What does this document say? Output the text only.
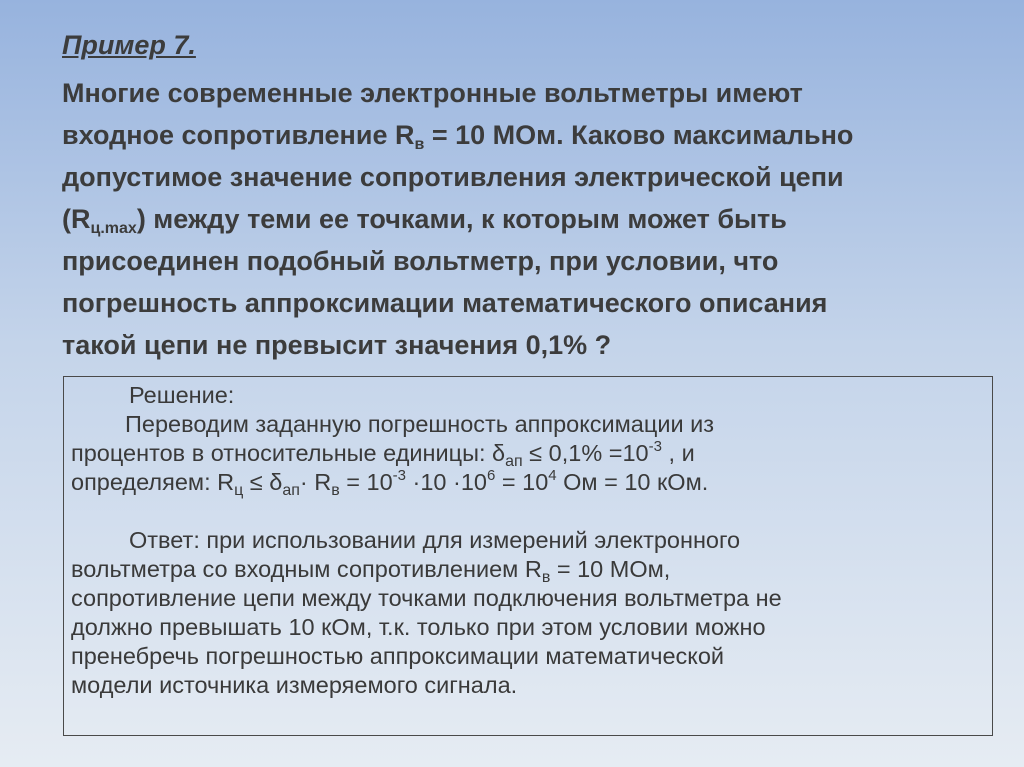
Пример 7.
Многие современные электронные вольтметры имеют
входное сопротивление $R_в = 10$ МОм. Каково максимально
допустимое значение сопротивления электрической цепи
$(R_{ц.max})$ между теми ее точками, к которым может быть
присоединен подобный вольтметр, при условии, что
погрешность аппроксимации математического описания
такой цепи не превысит значения 0,1% ?
Решение:
Переводим заданную погрешность аппроксимации из
процентов в относительные единицы: $\delta_{ап} \le 0,1\% =10^{-3}$ , и
определяем: $R_ц \le \delta_{ап}\cdot R_в = 10^{-3} \cdot 10 \cdot 10^6 = 10^4$ Ом = 10 кОм.
Ответ: при использовании для измерений электронного
вольтметра со входным сопротивлением $R_в = 10$ МОм,
сопротивление цепи между точками подключения вольтметра не
должно превышать 10 кОм, т.к. только при этом условии можно
пренебречь погрешностью аппроксимации математической
модели источника измеряемого сигнала.
